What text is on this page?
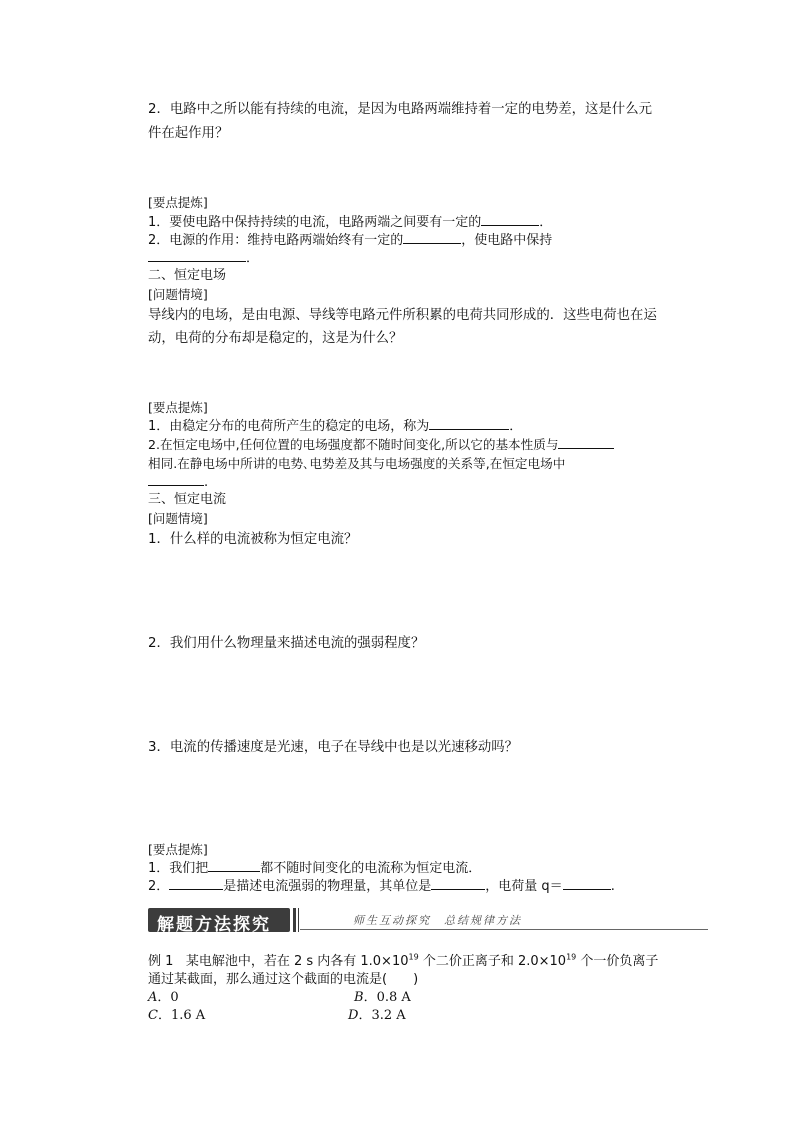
2．电路中之所以能有持续的电流，是因为电路两端维持着一定的电势差，这是什么元
件在起作用？
[要点提炼]
1．要使电路中保持持续的电流，电路两端之间要有一定的	．
2．电源的作用：维持电路两端始终有一定的	，使电路中保持
．
二、恒定电场
[问题情境]
导线内的电场，是由电源、导线等电路元件所积累的电荷共同形成的．这些电荷也在运
动，电荷的分布却是稳定的，这是为什么？
[要点提炼]
1．由稳定分布的电荷所产生的稳定的电场，称为	．
2.在恒定电场中,任何位置的电场强度都不随时间变化,所以它的基本性质与
相同.在静电场中所讲的电势､电势差及其与电场强度的关系等,在恒定电场中
.
三、恒定电流
[问题情境]
1．什么样的电流被称为恒定电流？
2．我们用什么物理量来描述电流的强弱程度？
3．电流的传播速度是光速，电子在导线中也是以光速移动吗？
[要点提炼]
1．我们把	都不随时间变化的电流称为恒定电流．
2．	是描述电流强弱的物理量，其单位是	，电荷量 q＝	.
解题方法探究	师生互动探究　总结规律方法
例 1 某电解池中，若在 2 s 内各有 $1.0\times 10^{19}$ 个二价正离子和 $2.0\times 10^{19}$ 个一价负离子
通过某截面，那么通过这个截面的电流是(　　)
A．0	B．0.8 A
C．1.6 A	D．3.2 A
